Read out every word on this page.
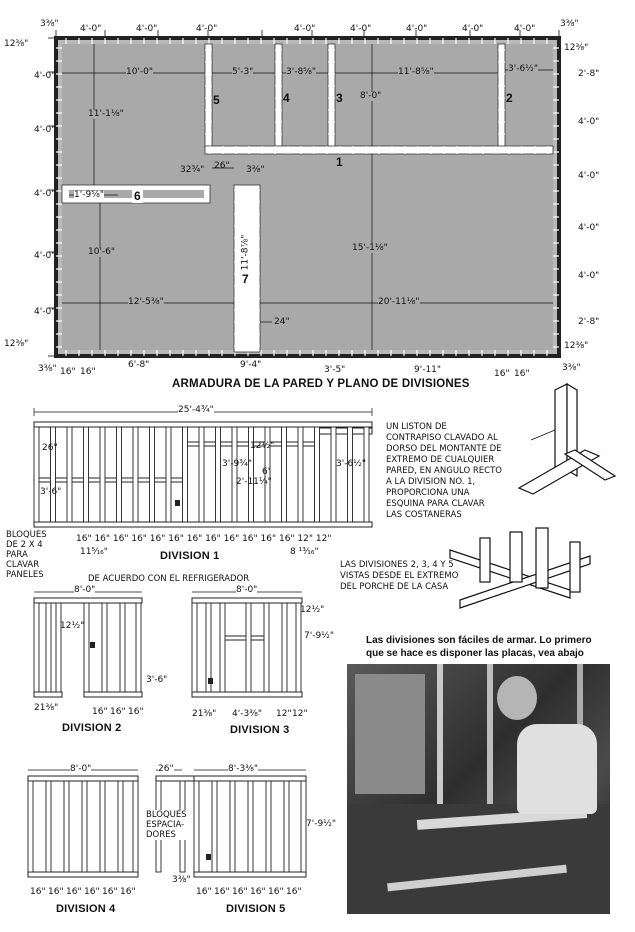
3⅜" 4'-0"	4'-0"	4'-0"	4'-0"	4'-0"	4'-0"	4'-0"	3⅜"
4'-0"
12⅜"
4'-0"
4'-0"
4'-0"
4'-0"
4'-0"
12⅜"
12⅜"
2'-8"
4'-0"
4'-0"
4'-0"
4'-0"
2'-8"
12⅜"
3⅜" 16" 16"
6'-8"	9'-4"	3'-5"	9'-11"	16" 16"
3⅜"
10'-0"	5'-3"	3'-8⅝"	11'-8⅝"	3'-6½"
11'-1⅛"
8'-0"
32¾" 26" 3⅜"
1'-9⅝"
10'-6"	15'-1⅛"
11'-8⅞"
12'-5⅜"	20'-11⅛"
24"
1
2
3
4
5
6
7
ARMADURA DE LA PARED Y PLANO DE DIVISIONES
25'-4¾"
26"	12½"
3'-9¾"
6'
2'-11¼"
3'-6"
3'-6½"
16" 16" 16" 16" 16" 16" 16" 16" 16" 16" 16" 16" 12" 12"
11⁵⁄₁₆"	8 ¹³⁄₁₆"
DIVISION 1
BLOQUES
DE 2 X 4
PARA
CLAVAR
PANELES	DE ACUERDO CON EL REFRIGERADOR
UN LISTON DE
CONTRAPISO CLAVADO AL
DORSO DEL MONTANTE DE
EXTREMO DE CUALQUIER
PARED, EN ANGULO RECTO
A LA DIVISION NO. 1,
PROPORCIONA UNA
ESQUINA PARA CLAVAR
LAS COSTANERAS
LAS DIVISIONES 2, 3, 4 Y 5
VISTAS DESDE EL EXTREMO
DEL PORCHE DE LA CASA
Las divisiones son fáciles de armar. Lo primero
que se hace es disponer las placas, vea abajo
8'-0"
12½"
3'-6"
21⅜"	16" 16" 16"
DIVISION 2
8'-0"
12½"
7'-9½"
21⅜" 4'-3⅜" 12" 12"
DIVISION 3
8'-0"
16" 16" 16" 16" 16" 16"
DIVISION 4
26"	8'-3⅜"
7'-9½"
3⅜"
BLOQUES
ESPACIA-
DORES
16" 16" 16" 16" 16" 16"
DIVISION 5
